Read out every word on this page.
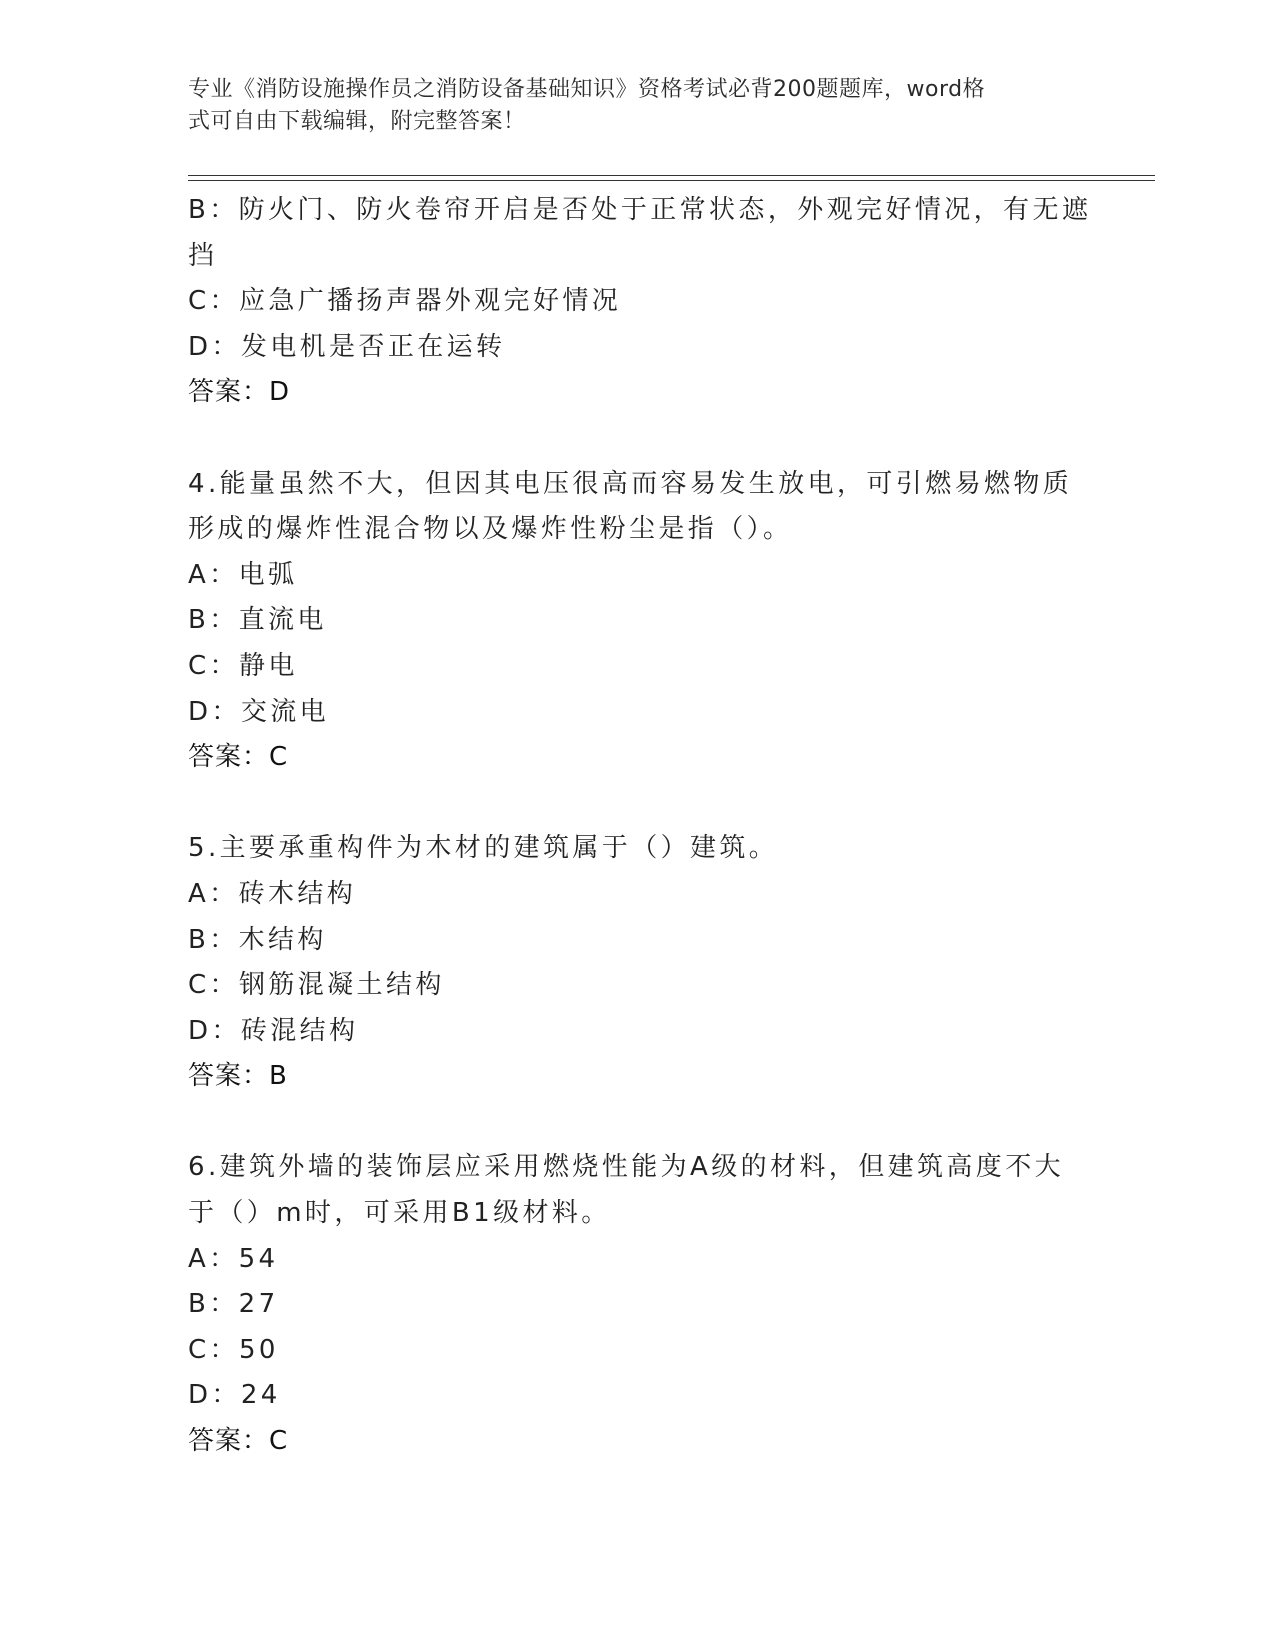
专业《消防设施操作员之消防设备基础知识》资格考试必背200题题库，word格
式可自由下载编辑，附完整答案！
B：防火门、防火卷帘开启是否处于正常状态，外观完好情况，有无遮
挡
C：应急广播扬声器外观完好情况
D：发电机是否正在运转
答案：D
4.能量虽然不大，但因其电压很高而容易发生放电，可引燃易燃物质
形成的爆炸性混合物以及爆炸性粉尘是指（）。
A：电弧
B：直流电
C：静电
D：交流电
答案：C
5.主要承重构件为木材的建筑属于（）建筑。
A：砖木结构
B：木结构
C：钢筋混凝土结构
D：砖混结构
答案：B
6.建筑外墙的装饰层应采用燃烧性能为A级的材料，但建筑高度不大
于（）m时，可采用B1级材料。
A：54
B：27
C：50
D：24
答案：C
